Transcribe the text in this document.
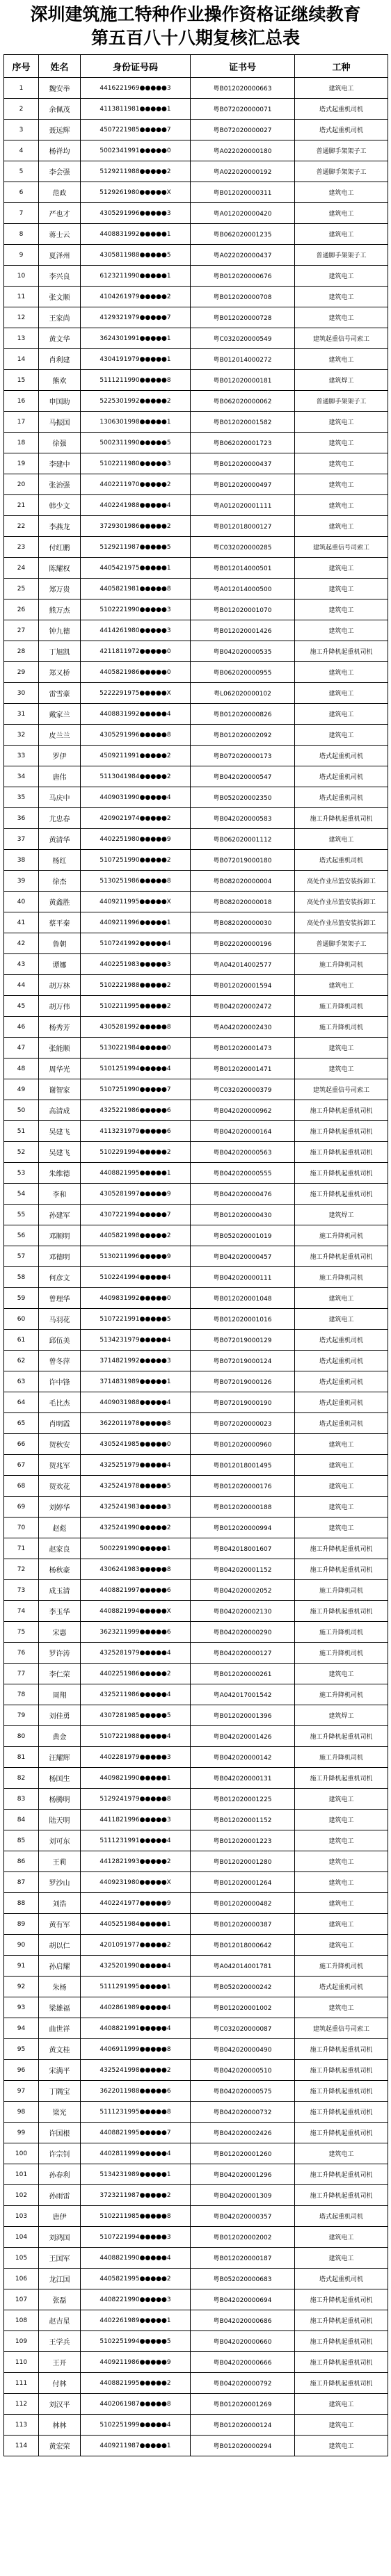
深圳建筑施工特种作业操作资格证继续教育
第五百八十八期复核汇总表
序号	姓名	身份证号码	证书号	工种
1	魏安举	4416221969●●●●●3	粤B012020000663	建筑电工
2	余佩茂	4113811981●●●●●1	粤B072020000071	塔式起重机司机
3	聂远辉	4507221985●●●●●7	粤B072020000027	塔式起重机司机
4	杨祥均	5002341991●●●●●0	粤A022020000180	普通脚手架架子工
5	李会强	5129211988●●●●●2	粤A022020000192	普通脚手架架子工
6	范政	5129261980●●●●●X	粤B012020000311	建筑电工
7	严也才	4305291996●●●●●3	粤A012020000420	建筑电工
8	蒋士云	4408831992●●●●●1	粤B062020001235	建筑电工
9	夏泽州	4305811988●●●●●5	粤A022020000437	普通脚手架架子工
10	李兴良	6123211990●●●●●1	粤B012020000676	建筑电工
11	张文顺	4104261979●●●●●2	粤B012020000708	建筑电工
12	王家尚	4129321979●●●●●7	粤B012020000728	建筑电工
13	黄文华	3624301991●●●●●1	粤C032020000549	建筑起重信号司索工
14	肖利建	4304191979●●●●●1	粤B012014000272	建筑电工
15	熊欢	5111211990●●●●●8	粤B012020000181	建筑焊工
16	申国助	5225301992●●●●●2	粤B062020000062	普通脚手架架子工
17	马振国	1306301998●●●●●1	粤B012020001582	建筑电工
18	徐强	5002311990●●●●●5	粤B062020001723	建筑电工
19	李建中	5102211980●●●●●3	粤B012020000437	建筑电工
20	张治强	4402211970●●●●●2	粤B012020000497	建筑电工
21	韩少文	4402241988●●●●●4	粤A012020001111	建筑电工
22	李燕龙	3729301986●●●●●2	粤B012018000127	建筑电工
23	付红鹏	5129211987●●●●●5	粤C032020000285	建筑起重信号司索工
24	陈耀权	4405421975●●●●●1	粤B012014000501	建筑电工
25	郑万贵	4405821981●●●●●8	粤A012014000500	建筑电工
26	熊万杰	5102221990●●●●●3	粤B012020001070	建筑电工
27	钟九德	4414261980●●●●●3	粤B012020001426	建筑电工
28	丁旭凯	4211811972●●●●●0	粤B042020000535	施工升降机起重机司机
29	郑又桥	4405821986●●●●●0	粤B062020000955	建筑电工
30	雷雪豪	5222291975●●●●●X	粤L062020000102	建筑电工
31	戴家兰	4408831992●●●●●4	粤B012020000826	建筑电工
32	皮兰兰	4305291996●●●●●8	粤B012020002092	建筑电工
33	罗伊	4509211991●●●●●2	粤B072020000173	塔式起重机司机
34	唐伟	5113041984●●●●●2	粤B042020000547	塔式起重机司机
35	马庆中	4409031990●●●●●4	粤B052020002350	塔式起重机司机
36	尤忠春	4209021974●●●●●2	粤B042020000583	施工升降机起重机司机
37	黄清华	4402251980●●●●●9	粤B062020001112	建筑电工
38	杨红	5107251990●●●●●2	粤B072019000180	塔式起重机司机
39	徐杰	5130251986●●●●●8	粤B082020000004	高处作业吊篮安装拆卸工
40	黄鑫胜	4409211995●●●●●X	粤B082020000018	高处作业吊篮安装拆卸工
41	蔡平秦	4409211996●●●●●1	粤B082020000030	高处作业吊篮安装拆卸工
42	鲁朝	5107241992●●●●●4	粤B022020000196	普通脚手架架子工
43	谭娜	4402251983●●●●●3	粤A042014002577	施工升降机司机
44	胡万林	5102221988●●●●●2	粤B012020001594	建筑电工
45	胡万伟	5102211995●●●●●2	粤B042020002472	施工升降机司机
46	杨秀芳	4305281992●●●●●8	粤A042020002430	施工升降机司机
47	张能顺	5130221984●●●●●0	粤B012020001473	建筑电工
48	周华光	5101251994●●●●●4	粤B012020001471	建筑电工
49	谢智家	5107251990●●●●●7	粤C032020000379	建筑起重信号司索工
50	高清成	4325221986●●●●●6	粤B042020000962	施工升降机起重机司机
51	吴建飞	4113231979●●●●●6	粤B042020000164	施工升降机起重机司机
52	吴建飞	5102291994●●●●●2	粤B042020000563	施工升降机起重机司机
53	朱维德	4408821995●●●●●1	粤B042020000555	施工升降机起重机司机
54	李和	4305281997●●●●●9	粤B042020000476	施工升降机起重机司机
55	孙建军	4307221994●●●●●7	粤B012020000430	建筑焊工
56	邓顺明	4405821998●●●●●2	粤B052020001019	施工升降机司机
57	邓德明	5130211996●●●●●9	粤B042020000457	施工升降机起重机司机
58	何彦文	5102241994●●●●●4	粤B042020000111	施工升降机司机
59	曾理华	4409831992●●●●●0	粤B012020001048	建筑电工
60	马羽花	5107221991●●●●●5	粤B012020001016	建筑电工
61	邱伍美	5134231979●●●●●4	粤B072019000129	塔式起重机司机
62	曾冬萍	3714821992●●●●●3	粤B072019000124	塔式起重机司机
63	许中锋	3714831989●●●●●1	粤B072019000126	塔式起重机司机
64	毛比杰	4409031988●●●●●4	粤B072019000190	塔式起重机司机
65	肖明霞	3622011978●●●●●8	粤B072020000023	塔式起重机司机
66	贺秋安	4305241985●●●●●0	粤B012020000960	建筑电工
67	贺兆军	4325251979●●●●●4	粤B012018001495	建筑电工
68	贺欢花	4325241978●●●●●5	粤B012020000176	建筑电工
69	刘婷华	4325241983●●●●●3	粤B012020000188	建筑电工
70	赵彪	4325241990●●●●●2	粤B012020000994	建筑电工
71	赵家良	5002291990●●●●●1	粤B042018001607	施工升降机起重机司机
72	杨秋豪	4306241983●●●●●8	粤B042020001152	施工升降机起重机司机
73	成玉清	4408821997●●●●●6	粤B042020002052	施工升降机司机
74	李玉华	4408821994●●●●●X	粤B042020002130	施工升降机起重机司机
75	宋惠	3623211999●●●●●6	粤B042020000290	施工升降机司机
76	罗许涛	4325281979●●●●●4	粤B042020000127	施工升降机司机
77	李仁荣	4402251986●●●●●2	粤B012020000261	建筑电工
78	周翔	4325211986●●●●●4	粤A042017001542	施工升降机司机
79	刘佳勇	4307281985●●●●●5	粤B012020001396	建筑焊工
80	黄金	5107221988●●●●●4	粤B042020001426	施工升降机起重机司机
81	汪耀辉	4402281979●●●●●3	粤B042020000142	施工升降机司机
82	杨国生	4409821990●●●●●1	粤B042020000131	施工升降机起重机司机
83	杨腾明	5129241979●●●●●8	粤B012020001225	建筑电工
84	陆天明	4411821996●●●●●3	粤B012020001152	建筑电工
85	刘可东	5111231991●●●●●4	粤B012020001223	建筑电工
86	王莉	4412821993●●●●●2	粤B012020001280	建筑电工
87	罗沙山	4409231980●●●●●X	粤B012020001264	建筑电工
88	刘浩	4402241977●●●●●9	粤B012020000482	建筑电工
89	黄有军	4405251984●●●●●1	粤B012020000387	建筑电工
90	胡以仁	4201091977●●●●●2	粤B012018000642	建筑电工
91	孙启耀	4325201990●●●●●4	粤A042014001781	施工升降机司机
92	朱杨	5111291995●●●●●1	粤B052020000242	塔式起重机司机
93	梁雄福	4402861989●●●●●4	粤B012020001002	建筑电工
94	曲世祥	4408821991●●●●●4	粤C032020000087	建筑起重信号司索工
95	黄文桂	4406911999●●●●●8	粤B042020000490	施工升降机起重机司机
96	宋满平	4325241998●●●●●2	粤B042020000510	施工升降机起重机司机
97	丁隅宝	3622011988●●●●●6	粤B042020000575	施工升降机起重机司机
98	梁光	5111231995●●●●●8	粤B042020000732	施工升降机起重机司机
99	许国根	4408821995●●●●●7	粤B042020002426	施工升降机起重机司机
100	许宗钊	4402811999●●●●●4	粤B012020001260	建筑电工
101	孙春利	5134231989●●●●●1	粤B042020001296	施工升降机起重机司机
102	孙雨雷	3723211987●●●●●2	粤B042020001309	施工升降机起重机司机
103	唐伊	5102211985●●●●●8	粤B042020000357	塔式起重机司机
104	刘鸿国	5107221994●●●●●3	粤B012020002002	建筑电工
105	王国军	4408821990●●●●●4	粤B012020000187	建筑电工
106	龙江国	4405821995●●●●●2	粤B052020000683	塔式起重机司机
107	张磊	4408221990●●●●●3	粤B042020000694	施工升降机起重机司机
108	赵吉星	4402261989●●●●●1	粤B042020000686	施工升降机起重机司机
109	王学兵	5102251994●●●●●5	粤B042020000660	施工升降机起重机司机
110	王开	4409211986●●●●●9	粤B042020000666	施工升降机起重机司机
111	付林	4408821995●●●●●2	粤B042020000792	施工升降机起重机司机
112	刘汉平	4402061987●●●●●8	粤B012020001269	建筑电工
113	林林	5102251999●●●●●4	粤B012020000124	建筑电工
114	黄宏荣	4409211987●●●●●1	粤B012020000294	建筑电工
